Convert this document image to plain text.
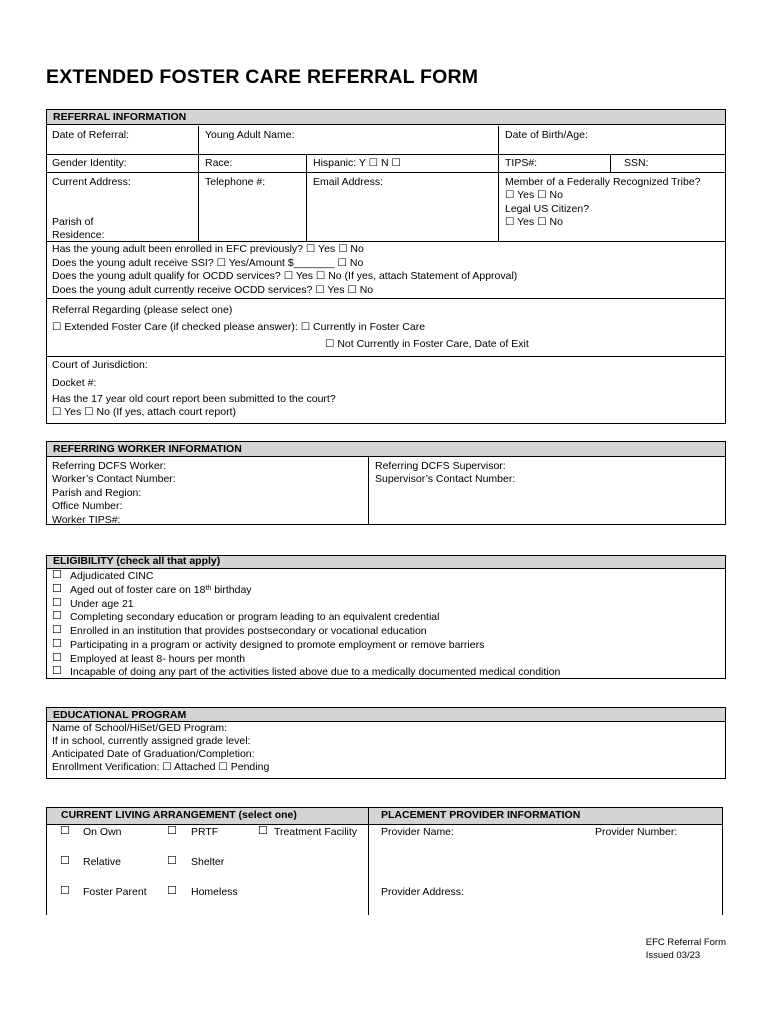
EXTENDED FOSTER CARE REFERRAL FORM
REFERRAL INFORMATION
Date of Referral:	Young Adult Name:	Date of Birth/Age:
Gender Identity:	Race:	Hispanic: Y ☐ N ☐	TIPS#:	SSN:
Current Address:	Telephone #:	Email Address:	Member of a Federally Recognized Tribe?
☐ Yes ☐ No
Legal US Citizen?
☐ Yes ☐ No
Parish of
Residence:
Has the young adult been enrolled in EFC previously? ☐ Yes ☐ No
Does the young adult receive SSI? ☐ Yes/Amount $_______ ☐ No
Does the young adult qualify for OCDD services? ☐ Yes ☐ No (If yes, attach Statement of Approval)
Does the young adult currently receive OCDD services? ☐ Yes ☐ No
Referral Regarding (please select one)
☐ Extended Foster Care (if checked please answer): ☐ Currently in Foster Care
☐ Not Currently in Foster Care, Date of Exit
Court of Jurisdiction:
Docket #:
Has the 17 year old court report been submitted to the court?
☐ Yes ☐ No (If yes, attach court report)
REFERRING WORKER INFORMATION
Referring DCFS Worker:
Worker’s Contact Number:
Parish and Region:
Office Number:
Worker TIPS#:
Referring DCFS Supervisor:
Supervisor’s Contact Number:
ELIGIBILITY (check all that apply)
☐ Adjudicated CINC
☐ Aged out of foster care on 18th birthday
☐ Under age 21
☐ Completing secondary education or program leading to an equivalent credential
☐ Enrolled in an institution that provides postsecondary or vocational education
☐ Participating in a program or activity designed to promote employment or remove barriers
☐ Employed at least 8- hours per month
☐ Incapable of doing any part of the activities listed above due to a medically documented medical condition
EDUCATIONAL PROGRAM
Name of School/HiSet/GED Program:
If in school, currently assigned grade level:
Anticipated Date of Graduation/Completion:
Enrollment Verification: ☐ Attached ☐ Pending
CURRENT LIVING ARRANGEMENT (select one)	PLACEMENT PROVIDER INFORMATION
☐ On Own	☐ PRTF	☐ Treatment Facility
☐ Relative	☐ Shelter
☐ Foster Parent ☐ Homeless
Provider Name:	Provider Number:
Provider Address:
EFC Referral Form
Issued 03/23
